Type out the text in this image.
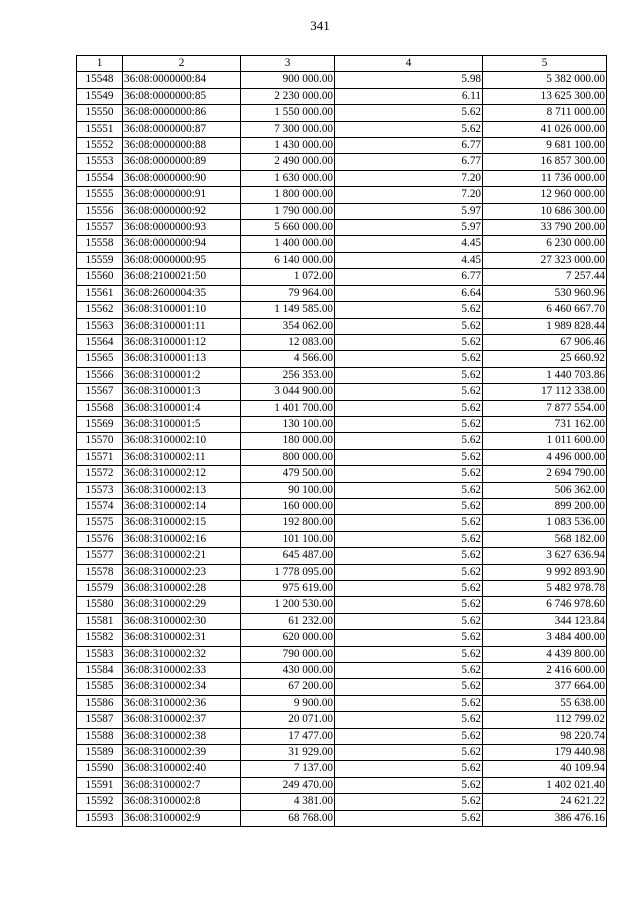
341
1	2	3	4	5
15548	36:08:0000000:84	900 000.00	5.98	5 382 000.00
15549	36:08:0000000:85	2 230 000.00	6.11	13 625 300.00
15550	36:08:0000000:86	1 550 000.00	5.62	8 711 000.00
15551	36:08:0000000:87	7 300 000.00	5.62	41 026 000.00
15552	36:08:0000000:88	1 430 000.00	6.77	9 681 100.00
15553	36:08:0000000:89	2 490 000.00	6.77	16 857 300.00
15554	36:08:0000000:90	1 630 000.00	7.20	11 736 000.00
15555	36:08:0000000:91	1 800 000.00	7.20	12 960 000.00
15556	36:08:0000000:92	1 790 000.00	5.97	10 686 300.00
15557	36:08:0000000:93	5 660 000.00	5.97	33 790 200.00
15558	36:08:0000000:94	1 400 000.00	4.45	6 230 000.00
15559	36:08:0000000:95	6 140 000.00	4.45	27 323 000.00
15560	36:08:2100021:50	1 072.00	6.77	7 257.44
15561	36:08:2600004:35	79 964.00	6.64	530 960.96
15562	36:08:3100001:10	1 149 585.00	5.62	6 460 667.70
15563	36:08:3100001:11	354 062.00	5.62	1 989 828.44
15564	36:08:3100001:12	12 083.00	5.62	67 906.46
15565	36:08:3100001:13	4 566.00	5.62	25 660.92
15566	36:08:3100001:2	256 353.00	5.62	1 440 703.86
15567	36:08:3100001:3	3 044 900.00	5.62	17 112 338.00
15568	36:08:3100001:4	1 401 700.00	5.62	7 877 554.00
15569	36:08:3100001:5	130 100.00	5.62	731 162.00
15570	36:08:3100002:10	180 000.00	5.62	1 011 600.00
15571	36:08:3100002:11	800 000.00	5.62	4 496 000.00
15572	36:08:3100002:12	479 500.00	5.62	2 694 790.00
15573	36:08:3100002:13	90 100.00	5.62	506 362.00
15574	36:08:3100002:14	160 000.00	5.62	899 200.00
15575	36:08:3100002:15	192 800.00	5.62	1 083 536.00
15576	36:08:3100002:16	101 100.00	5.62	568 182.00
15577	36:08:3100002:21	645 487.00	5.62	3 627 636.94
15578	36:08:3100002:23	1 778 095.00	5.62	9 992 893.90
15579	36:08:3100002:28	975 619.00	5.62	5 482 978.78
15580	36:08:3100002:29	1 200 530.00	5.62	6 746 978.60
15581	36:08:3100002:30	61 232.00	5.62	344 123.84
15582	36:08:3100002:31	620 000.00	5.62	3 484 400.00
15583	36:08:3100002:32	790 000.00	5.62	4 439 800.00
15584	36:08:3100002:33	430 000.00	5.62	2 416 600.00
15585	36:08:3100002:34	67 200.00	5.62	377 664.00
15586	36:08:3100002:36	9 900.00	5.62	55 638.00
15587	36:08:3100002:37	20 071.00	5.62	112 799.02
15588	36:08:3100002:38	17 477.00	5.62	98 220.74
15589	36:08:3100002:39	31 929.00	5.62	179 440.98
15590	36:08:3100002:40	7 137.00	5.62	40 109.94
15591	36:08:3100002:7	249 470.00	5.62	1 402 021.40
15592	36:08:3100002:8	4 381.00	5.62	24 621.22
15593	36:08:3100002:9	68 768.00	5.62	386 476.16
